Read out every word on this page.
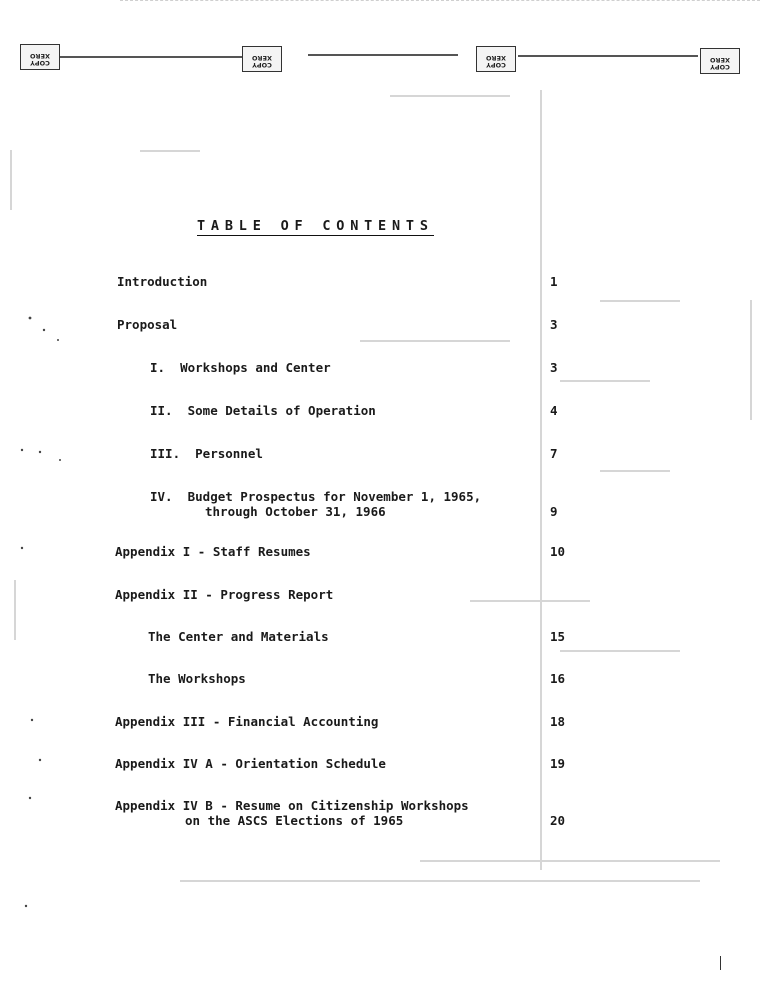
COPY
XERO
COPY
XERO
COPY
XERO
COPY
XERO
TABLE OF CONTENTS
Introduction	1
Proposal	3
I.  Workshops and Center	3
II.  Some Details of Operation	4
III.  Personnel	7
IV.  Budget Prospectus for November 1, 1965,
through October 31, 1966	9
Appendix I - Staff Resumes	10
Appendix II - Progress Report
The Center and Materials	15
The Workshops	16
Appendix III - Financial Accounting	18
Appendix IV A - Orientation Schedule	19
Appendix IV B - Resume on Citizenship Workshops
on the ASCS Elections of 1965	20
